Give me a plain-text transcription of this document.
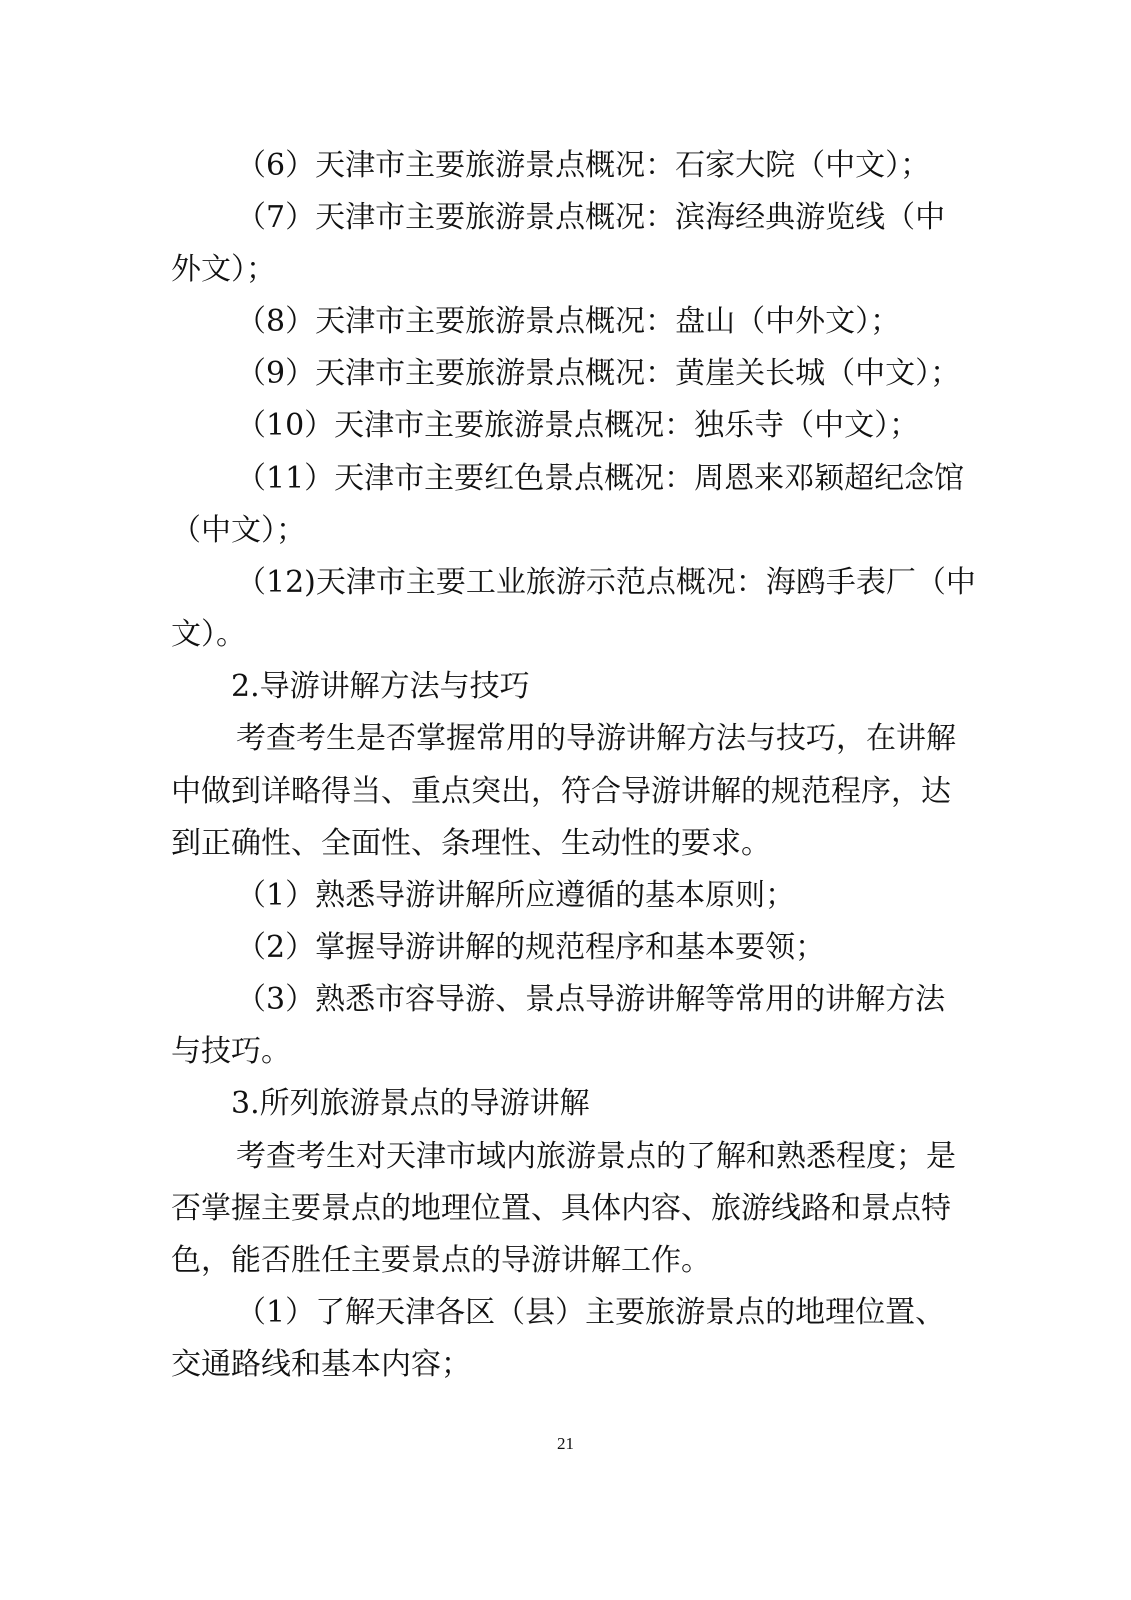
（6）天津市主要旅游景点概况：石家大院（中文）；
（7）天津市主要旅游景点概况：滨海经典游览线（中
外文）；
（8）天津市主要旅游景点概况：盘山（中外文）；
（9）天津市主要旅游景点概况：黄崖关长城（中文）；
（10）天津市主要旅游景点概况：独乐寺（中文）；
（11）天津市主要红色景点概况：周恩来邓颖超纪念馆
（中文）；
（12)天津市主要工业旅游示范点概况：海鸥手表厂（中
文）。
2.导游讲解方法与技巧
考查考生是否掌握常用的导游讲解方法与技巧，在讲解
中做到详略得当、重点突出，符合导游讲解的规范程序，达
到正确性、全面性、条理性、生动性的要求。
（1）熟悉导游讲解所应遵循的基本原则；
（2）掌握导游讲解的规范程序和基本要领；
（3）熟悉市容导游、景点导游讲解等常用的讲解方法
与技巧。
3.所列旅游景点的导游讲解
考查考生对天津市域内旅游景点的了解和熟悉程度；是
否掌握主要景点的地理位置、具体内容、旅游线路和景点特
色，能否胜任主要景点的导游讲解工作。
（1）了解天津各区（县）主要旅游景点的地理位置、
交通路线和基本内容；
21
